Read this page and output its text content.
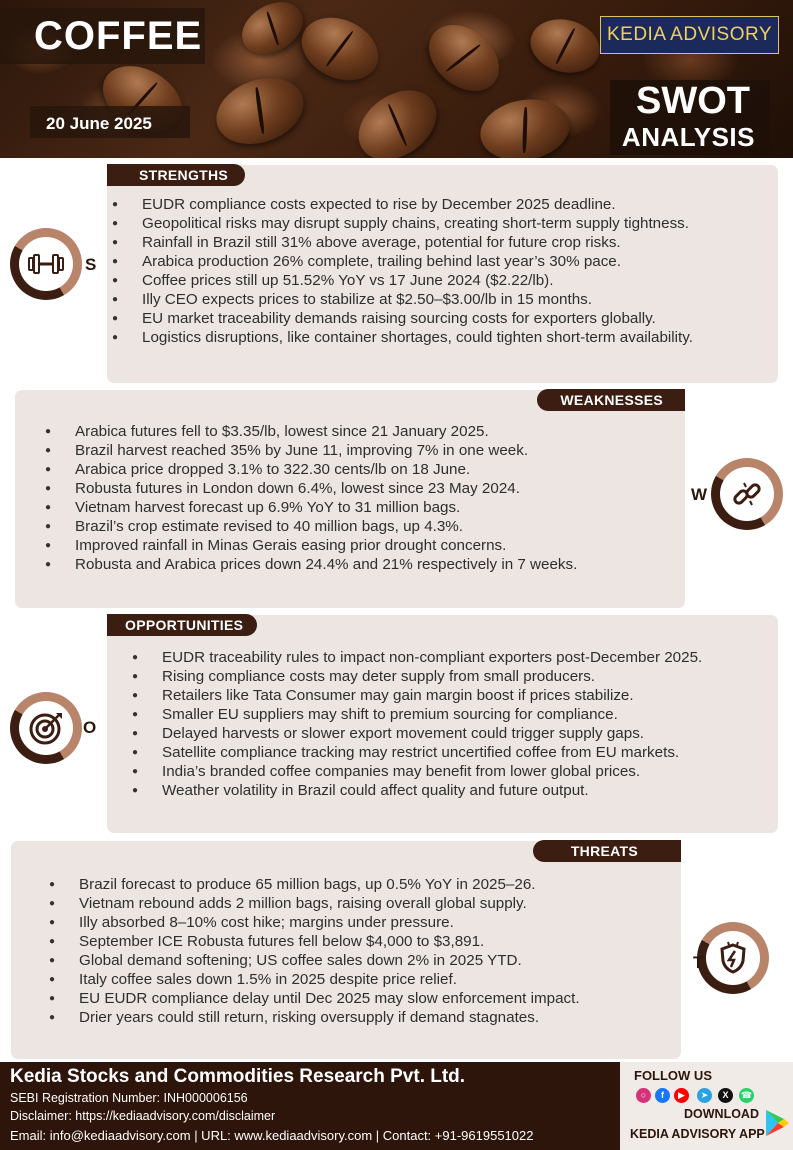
COFFEE
20 June 2025
KEDIA ADVISORY
SWOT
ANALYSIS
STRENGTHS
● EUDR compliance costs expected to rise by December 2025 deadline.
● Geopolitical risks may disrupt supply chains, creating short-term supply tightness.
● Rainfall in Brazil still 31% above average, potential for future crop risks.
● Arabica production 26% complete, trailing behind last year’s 30% pace.
● Coffee prices still up 51.52% YoY vs 17 June 2024 ($2.22/lb).
● Illy CEO expects prices to stabilize at $2.50–$3.00/lb in 15 months.
● EU market traceability demands raising sourcing costs for exporters globally.
● Logistics disruptions, like container shortages, could tighten short-term availability.
S
WEAKNESSES
● Arabica futures fell to $3.35/lb, lowest since 21 January 2025.
● Brazil harvest reached 35% by June 11, improving 7% in one week.
● Arabica price dropped 3.1% to 322.30 cents/lb on 18 June.
● Robusta futures in London down 6.4%, lowest since 23 May 2024.
● Vietnam harvest forecast up 6.9% YoY to 31 million bags.
● Brazil’s crop estimate revised to 40 million bags, up 4.3%.
● Improved rainfall in Minas Gerais easing prior drought concerns.
● Robusta and Arabica prices down 24.4% and 21% respectively in 7 weeks.
W
OPPORTUNITIES
● EUDR traceability rules to impact non-compliant exporters post-December 2025.
● Rising compliance costs may deter supply from small producers.
● Retailers like Tata Consumer may gain margin boost if prices stabilize.
● Smaller EU suppliers may shift to premium sourcing for compliance.
● Delayed harvests or slower export movement could trigger supply gaps.
● Satellite compliance tracking may restrict uncertified coffee from EU markets.
● India’s branded coffee companies may benefit from lower global prices.
● Weather volatility in Brazil could affect quality and future output.
O
THREATS
● Brazil forecast to produce 65 million bags, up 0.5% YoY in 2025–26.
● Vietnam rebound adds 2 million bags, raising overall global supply.
● Illy absorbed 8–10% cost hike; margins under pressure.
● September ICE Robusta futures fell below $4,000 to $3,891.
● Global demand softening; US coffee sales down 2% in 2025 YTD.
● Italy coffee sales down 1.5% in 2025 despite price relief.
● EU EUDR compliance delay until Dec 2025 may slow enforcement impact.
● Drier years could still return, risking oversupply if demand stagnates.
T
Kedia Stocks and Commodities Research Pvt. Ltd.
SEBI Registration Number: INH000006156
Disclaimer: https://kediaadvisory.com/disclaimer
Email: info@kediaadvisory.com | URL: www.kediaadvisory.com | Contact: +91-9619551022
FOLLOW US
○	f	▶	➤	X	☎
DOWNLOAD
KEDIA ADVISORY APP
